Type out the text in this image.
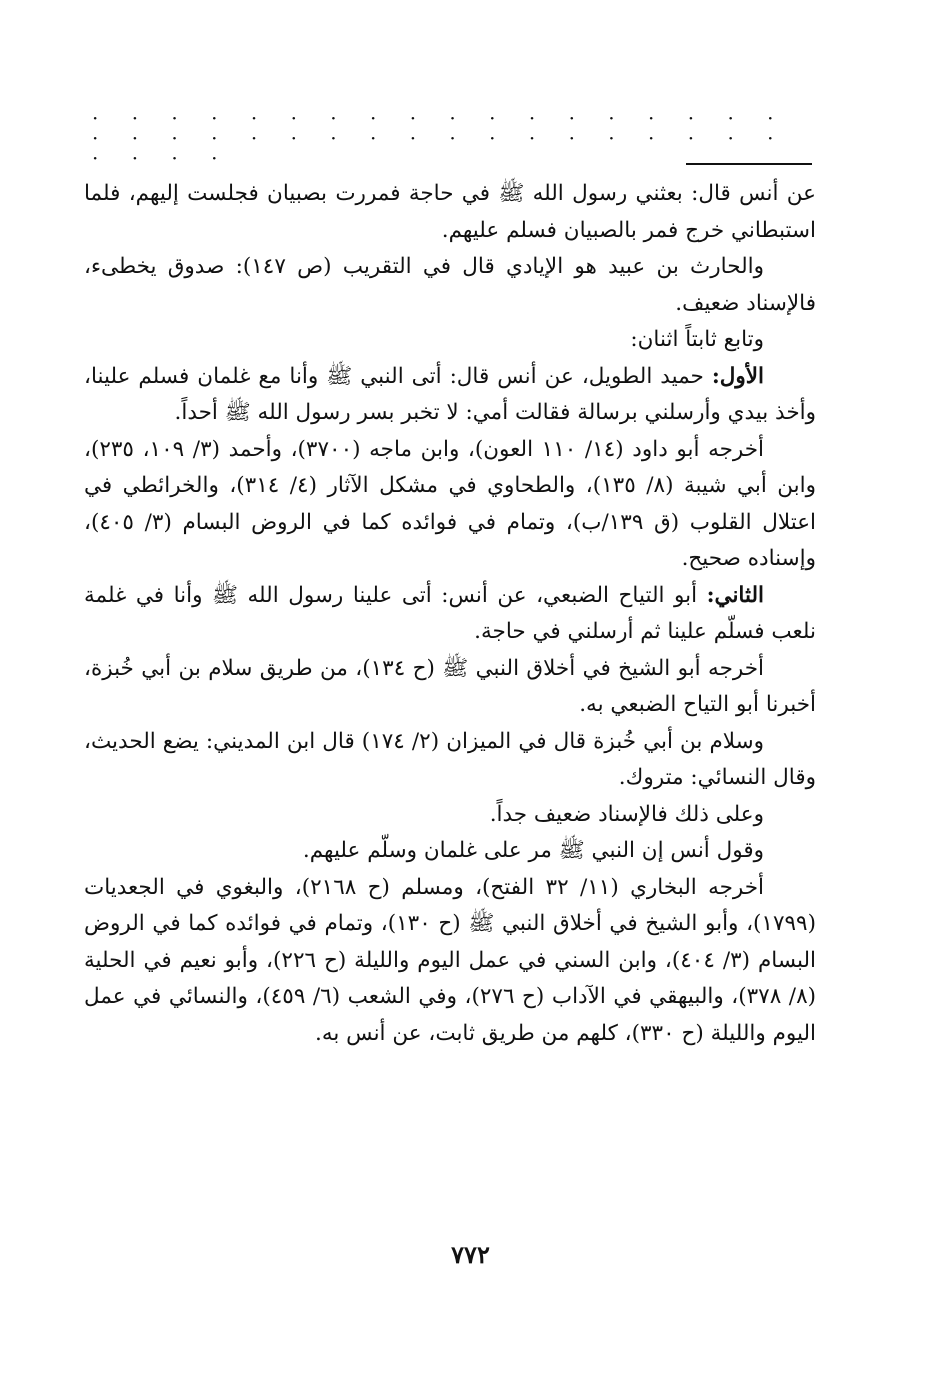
· · · · · · · · · · · · · · · · · · · · · · · · · · · · · · · · · · · · · · · ·

عن أنس قال: بعثني رسول الله ﷺ في حاجة فمررت بصبيان فجلست إليهم، فلما استبطاني خرج فمر بالصبيان فسلم عليهم.

والحارث بن عبيد هو الإيادي قال في التقريب (ص ١٤٧): صدوق يخطىء، فالإسناد ضعيف.

وتابع ثابتاً اثنان:

الأول: حميد الطويل، عن أنس قال: أتى النبي ﷺ وأنا مع غلمان فسلم علينا، وأخذ بيدي وأرسلني برسالة فقالت أمي: لا تخبر بسر رسول الله ﷺ أحداً.

أخرجه أبو داود (١٤/ ١١٠ العون)، وابن ماجه (٣٧٠٠)، وأحمد (٣/ ١٠٩، ٢٣٥)، وابن أبي شيبة (٨/ ١٣٥)، والطحاوي في مشكل الآثار (٤/ ٣١٤)، والخرائطي في اعتلال القلوب (ق ١٣٩/ب)، وتمام في فوائده كما في الروض البسام (٣/ ٤٠٥)، وإسناده صحيح.

الثاني: أبو التياح الضبعي، عن أنس: أتى علينا رسول الله ﷺ وأنا في غلمة نلعب فسلّم علينا ثم أرسلني في حاجة.

أخرجه أبو الشيخ في أخلاق النبي ﷺ (ح ١٣٤)، من طريق سلام بن أبي خُبزة، أخبرنا أبو التياح الضبعي به.

وسلام بن أبي خُبزة قال في الميزان (٢/ ١٧٤) قال ابن المديني: يضع الحديث، وقال النسائي: متروك.

وعلى ذلك فالإسناد ضعيف جداً.

وقول أنس إن النبي ﷺ مر على غلمان وسلّم عليهم.

أخرجه البخاري (١١/ ٣٢ الفتح)، ومسلم (ح ٢١٦٨)، والبغوي في الجعديات (١٧٩٩)، وأبو الشيخ في أخلاق النبي ﷺ (ح ١٣٠)، وتمام في فوائده كما في الروض البسام (٣/ ٤٠٤)، وابن السني في عمل اليوم والليلة (ح ٢٢٦)، وأبو نعيم في الحلية (٨/ ٣٧٨)، والبيهقي في الآداب (ح ٢٧٦)، وفي الشعب (٦/ ٤٥٩)، والنسائي في عمل اليوم والليلة (ح ٣٣٠)، كلهم من طريق ثابت، عن أنس به.

٧٧٢
